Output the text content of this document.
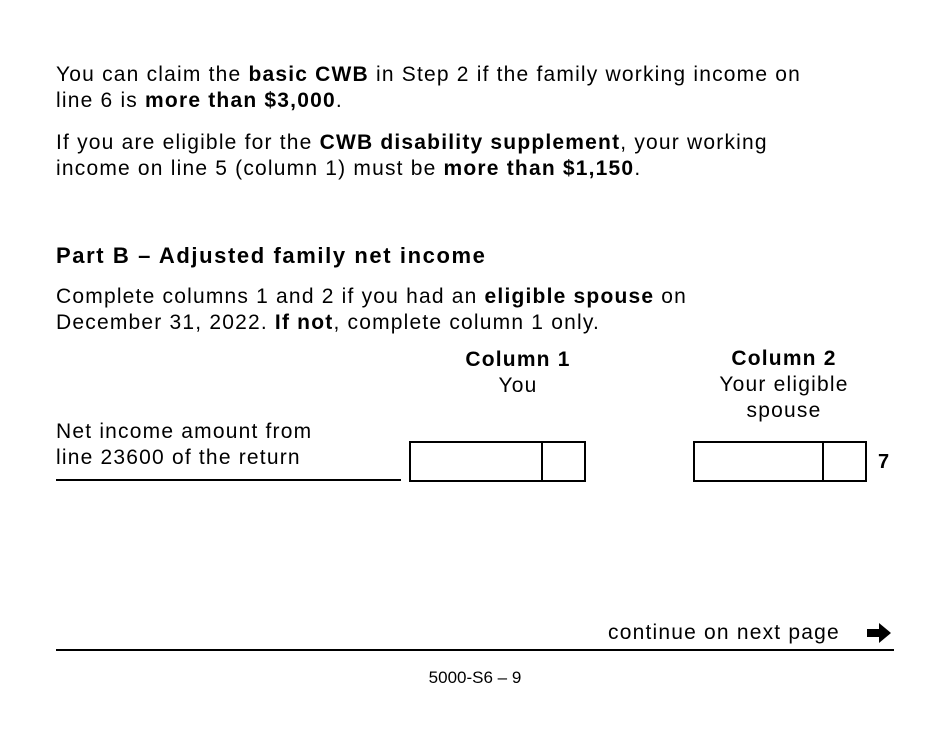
You can claim the basic CWB in Step 2 if the family working income on
line 6 is more than $3,000.
If you are eligible for the CWB disability supplement, your working
income on line 5 (column 1) must be more than $1,150.
Part B – Adjusted family net income
Complete columns 1 and 2 if you had an eligible spouse on
December 31, 2022. If not, complete column 1 only.
Column 1
You
Column 2
Your eligible
spouse
Net income amount from
line 23600 of the return	7
continue on next page
5000-S6 – 9
